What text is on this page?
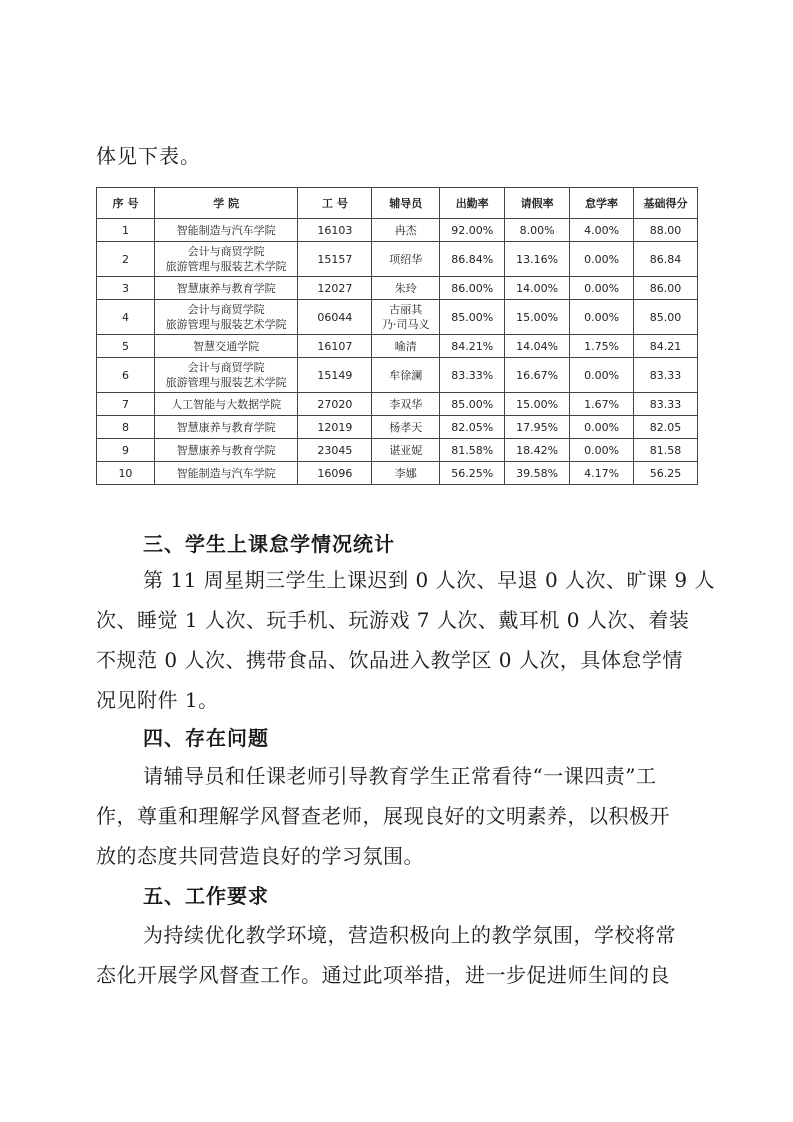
体见下表。
序 号	学 院	工 号	辅导员	出勤率	请假率	怠学率	基础得分
1	智能制造与汽车学院	16103	冉杰	92.00%	8.00%	4.00%	88.00
2	会计与商贸学院
旅游管理与服装艺术学院	15157	项绍华	86.84%	13.16%	0.00%	86.84
3	智慧康养与教育学院	12027	朱玲	86.00%	14.00%	0.00%	86.00
4	会计与商贸学院
旅游管理与服装艺术学院	06044	古丽其
乃·司马义	85.00%	15.00%	0.00%	85.00
5	智慧交通学院	16107	喻清	84.21%	14.04%	1.75%	84.21
6	会计与商贸学院
旅游管理与服装艺术学院	15149	牟徐澜	83.33%	16.67%	0.00%	83.33
7	人工智能与大数据学院	27020	李双华	85.00%	15.00%	1.67%	83.33
8	智慧康养与教育学院	12019	杨孝天	82.05%	17.95%	0.00%	82.05
9	智慧康养与教育学院	23045	谌亚妮	81.58%	18.42%	0.00%	81.58
10	智能制造与汽车学院	16096	李娜	56.25%	39.58%	4.17%	56.25
三、学生上课怠学情况统计
第 11 周星期三学生上课迟到 0 人次、早退 0 人次、旷课 9 人
次、睡觉 1 人次、玩手机、玩游戏 7 人次、戴耳机 0 人次、着装
不规范 0 人次、携带食品、饮品进入教学区 0 人次，具体怠学情
况见附件 1。
四、存在问题
请辅导员和任课老师引导教育学生正常看待“一课四责”工
作，尊重和理解学风督查老师，展现良好的文明素养，以积极开
放的态度共同营造良好的学习氛围。
五、工作要求
为持续优化教学环境，营造积极向上的教学氛围，学校将常
态化开展学风督查工作。通过此项举措，进一步促进师生间的良
